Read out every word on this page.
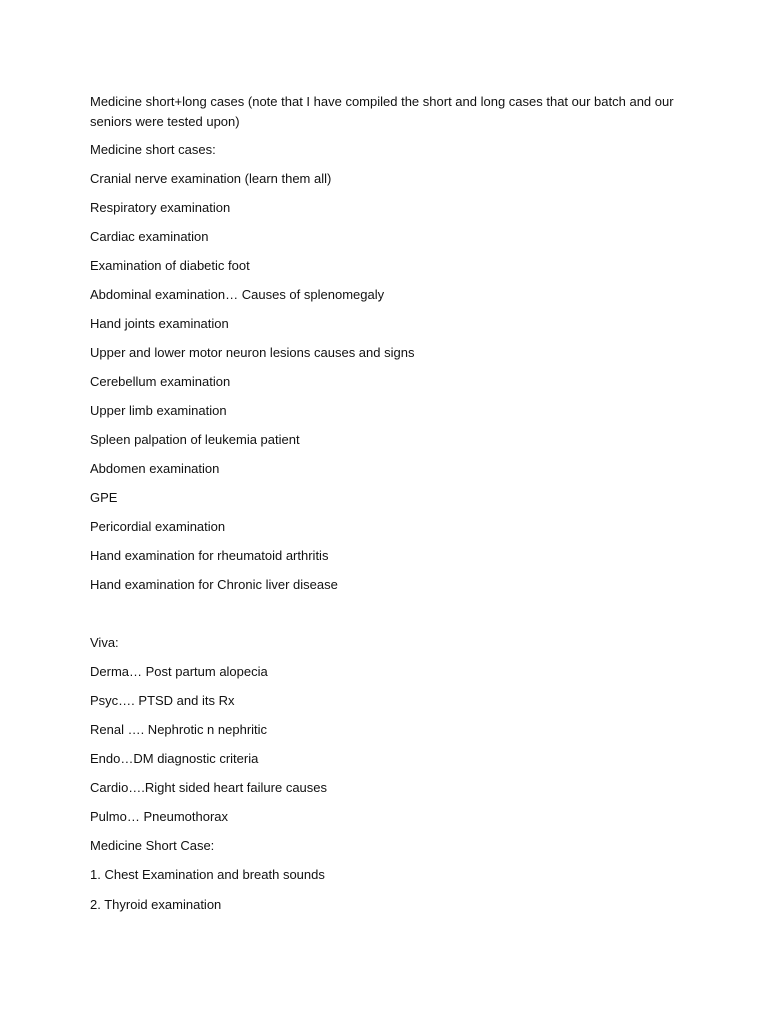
Medicine short+long cases (note that I have compiled the short and long cases that our batch and our seniors were tested upon)

Medicine short cases:

Cranial nerve examination (learn them all)

Respiratory examination

Cardiac examination

Examination of diabetic foot

Abdominal examination… Causes of splenomegaly

Hand joints examination

Upper and lower motor neuron lesions causes and signs

Cerebellum examination

Upper limb examination

Spleen palpation of leukemia patient

Abdomen examination

GPE

Pericordial examination

Hand examination for rheumatoid arthritis

Hand examination for Chronic liver disease

Viva:

Derma… Post partum alopecia

Psyc…. PTSD and its Rx

Renal …. Nephrotic n nephritic

Endo…DM diagnostic criteria

Cardio….Right sided heart failure causes

Pulmo… Pneumothorax

Medicine Short Case:

1. Chest Examination and breath sounds

2. Thyroid examination
